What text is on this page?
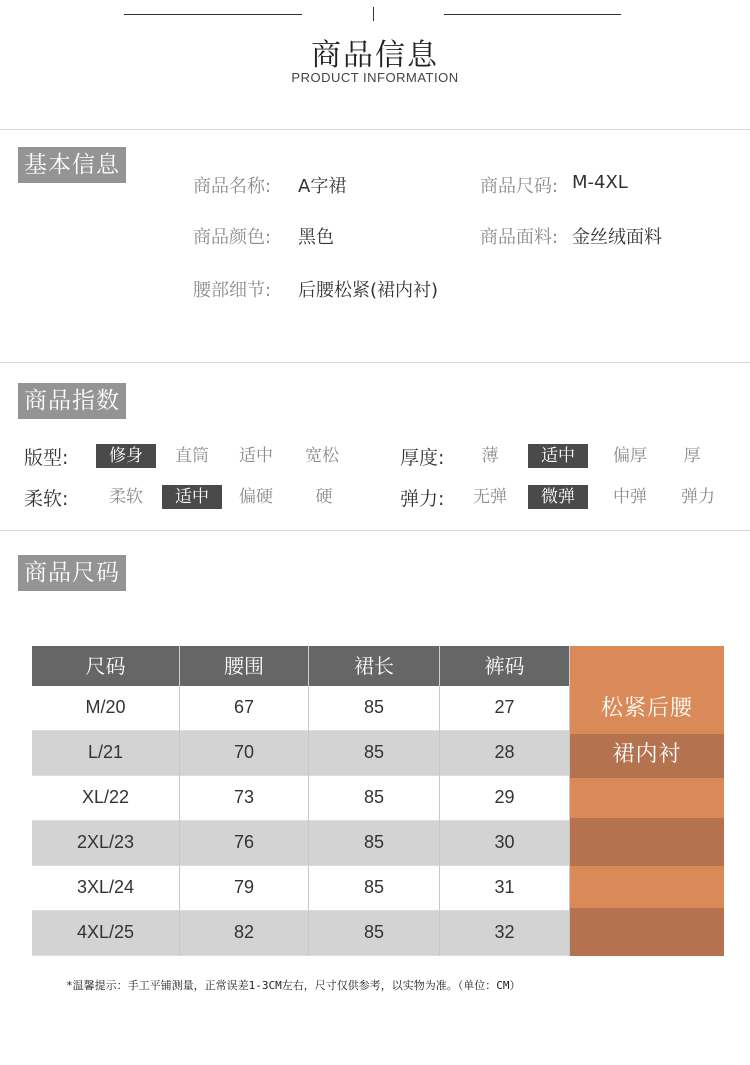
商品信息
PRODUCT INFORMATION
基本信息
商品名称: A字裙	商品尺码: M-4XL
商品颜色: 黑色	商品面料: 金丝绒面料
腰部细节: 后腰松紧(裙内衬)
商品指数
版型:	修身	直筒	适中	宽松	厚度:	薄	适中	偏厚	厚
柔软:	柔软	适中	偏硬	硬	弹力:	无弹	微弹	中弹	弹力
商品尺码
尺码	腰围	裙长	裤码
M/20	67	85	27
L/21	70	85	28
XL/22	73	85	29
2XL/23	76	85	30
3XL/24	79	85	31
4XL/25	82	85	32
松紧后腰
裙内衬
*温馨提示：手工平铺测量，正常误差1-3CM左右，尺寸仅供参考，以实物为准。（单位：CM）
